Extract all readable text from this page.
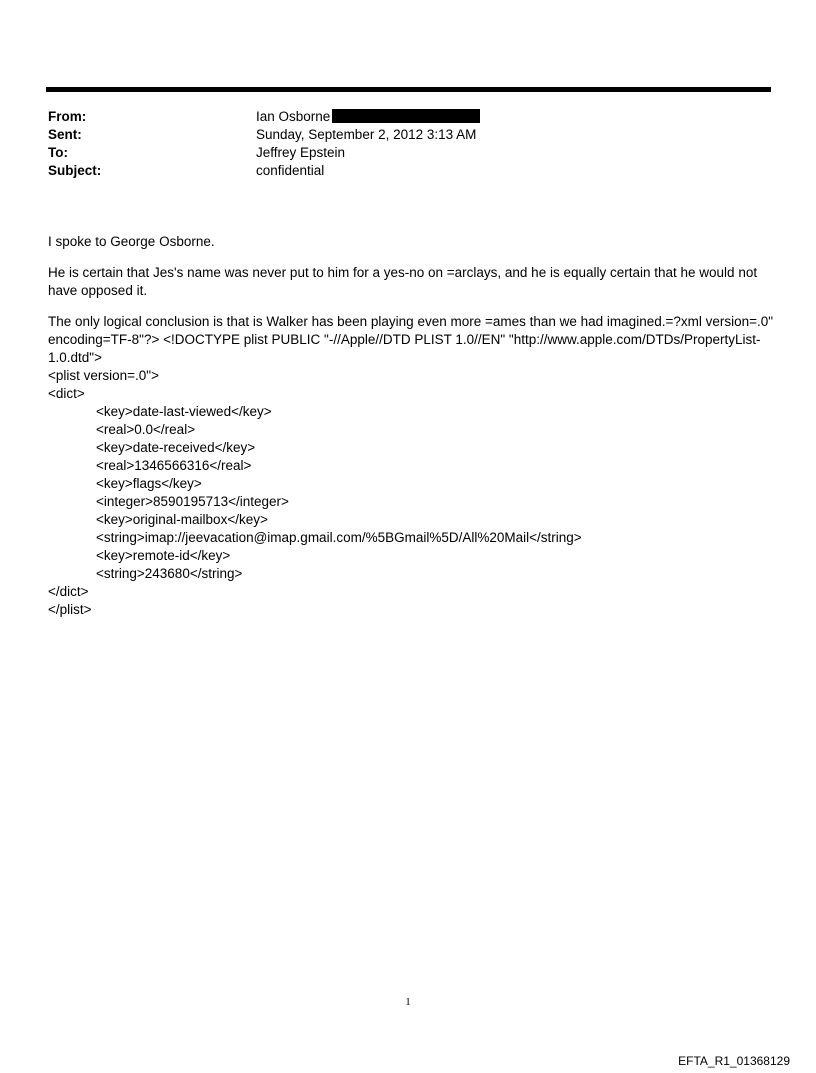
From:	Ian Osborne
Sent:	Sunday, September 2, 2012 3:13 AM
To:	Jeffrey Epstein
Subject:	confidential

I spoke to George Osborne.

He is certain that Jes's name was never put to him for a yes-no on =arclays, and he is equally certain that he would not have opposed it.

The only logical conclusion is that is Walker has been playing even more =ames than we had imagined.=?xml version=.0" encoding=TF-8"?> <!DOCTYPE plist PUBLIC "-//Apple//DTD PLIST 1.0//EN" "http://www.apple.com/DTDs/PropertyList-1.0.dtd">

<plist version=.0">

<dict>

<key>date-last-viewed</key>

<real>0.0</real>

<key>date-received</key>

<real>1346566316</real>

<key>flags</key>

<integer>8590195713</integer>

<key>original-mailbox</key>

<string>imap://jeevacation@imap.gmail.com/%5BGmail%5D/All%20Mail</string>

<key>remote-id</key>

<string>243680</string>

</dict>

</plist>

1
EFTA_R1_01368129
